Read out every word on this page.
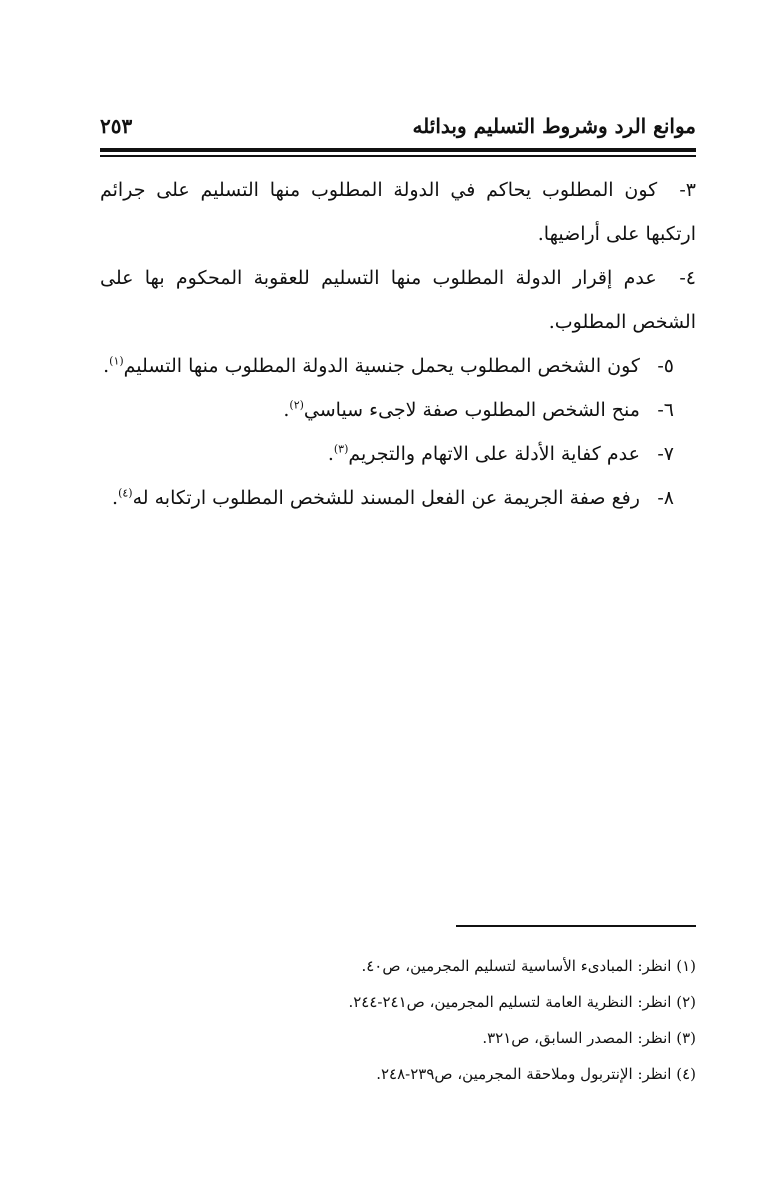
موانع الرد وشروط التسليم وبدائله
٢٥٣

٣- كون المطلوب يحاكم في الدولة المطلوب منها التسليم على جرائم ارتكبها على أراضيها.

٤- عدم إقرار الدولة المطلوب منها التسليم للعقوبة المحكوم بها على الشخص المطلوب.

٥- كون الشخص المطلوب يحمل جنسية الدولة المطلوب منها التسليم$^{(١)}$.

٦- منح الشخص المطلوب صفة لاجىء سياسي$^{(٢)}$.

٧- عدم كفاية الأدلة على الاتهام والتجريم$^{(٣)}$.

٨- رفع صفة الجريمة عن الفعل المسند للشخص المطلوب ارتكابه له$^{(٤)}$.

(١) انظر: المبادىء الأساسية لتسليم المجرمين، ص٤٠.

(٢) انظر: النظرية العامة لتسليم المجرمين، ص٢٤١-٢٤٤.

(٣) انظر: المصدر السابق، ص٣٢١.

(٤) انظر: الإنتربول وملاحقة المجرمين، ص٢٣٩-٢٤٨.
